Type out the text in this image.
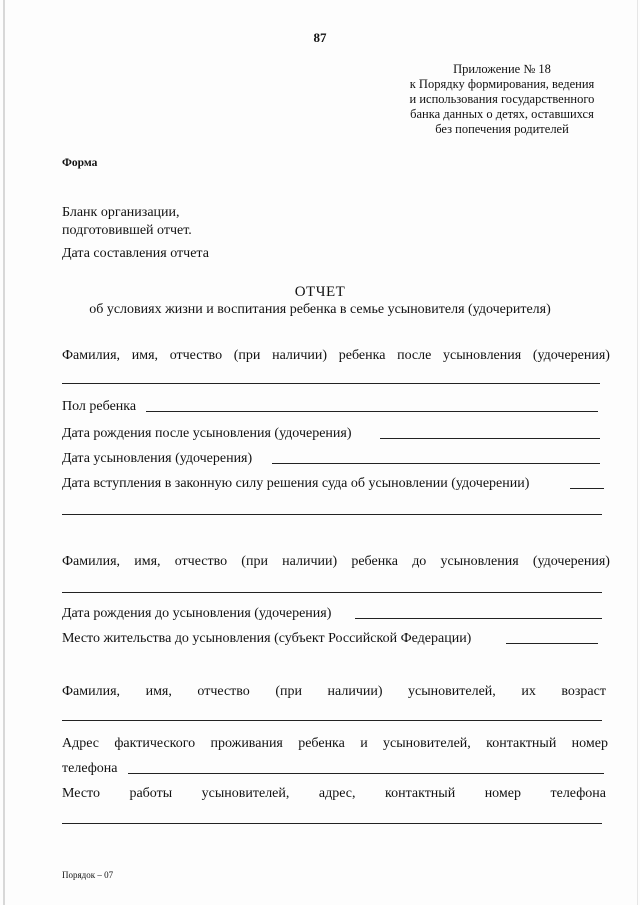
87
Приложение № 18
к Порядку формирования, ведения
и использования государственного
банка данных о детях, оставшихся
без попечения родителей
Форма
Бланк организации,
подготовившей отчет.
Дата составления отчета
ОТЧЕТ
об условиях жизни и воспитания ребенка в семье усыновителя (удочерителя)
Фамилия, имя, отчество (при наличии) ребенка после усыновления (удочерения)
Пол ребенка
Дата рождения после усыновления (удочерения)
Дата усыновления (удочерения)
Дата вступления в законную силу решения суда об усыновлении (удочерении)
Фамилия, имя, отчество (при наличии) ребенка до усыновления (удочерения)
Дата рождения до усыновления (удочерения)
Место жительства до усыновления (субъект Российской Федерации)
Фамилия, имя, отчество (при наличии) усыновителей, их возраст
Адрес фактического проживания ребенка и усыновителей, контактный номер
телефона
Место работы усыновителей, адрес, контактный номер телефона
Порядок – 07
